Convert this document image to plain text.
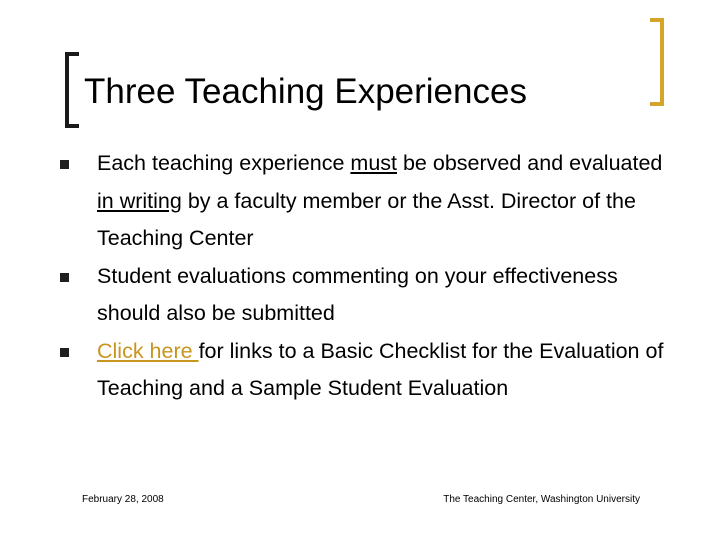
Three Teaching Experiences
Each teaching experience must be observed and evaluated in writing by a faculty member or the Asst. Director of the Teaching Center
Student evaluations commenting on your effectiveness should also be submitted
Click here for links to a Basic Checklist for the Evaluation of Teaching and a Sample Student Evaluation
February 28, 2008	The Teaching Center, Washington University
